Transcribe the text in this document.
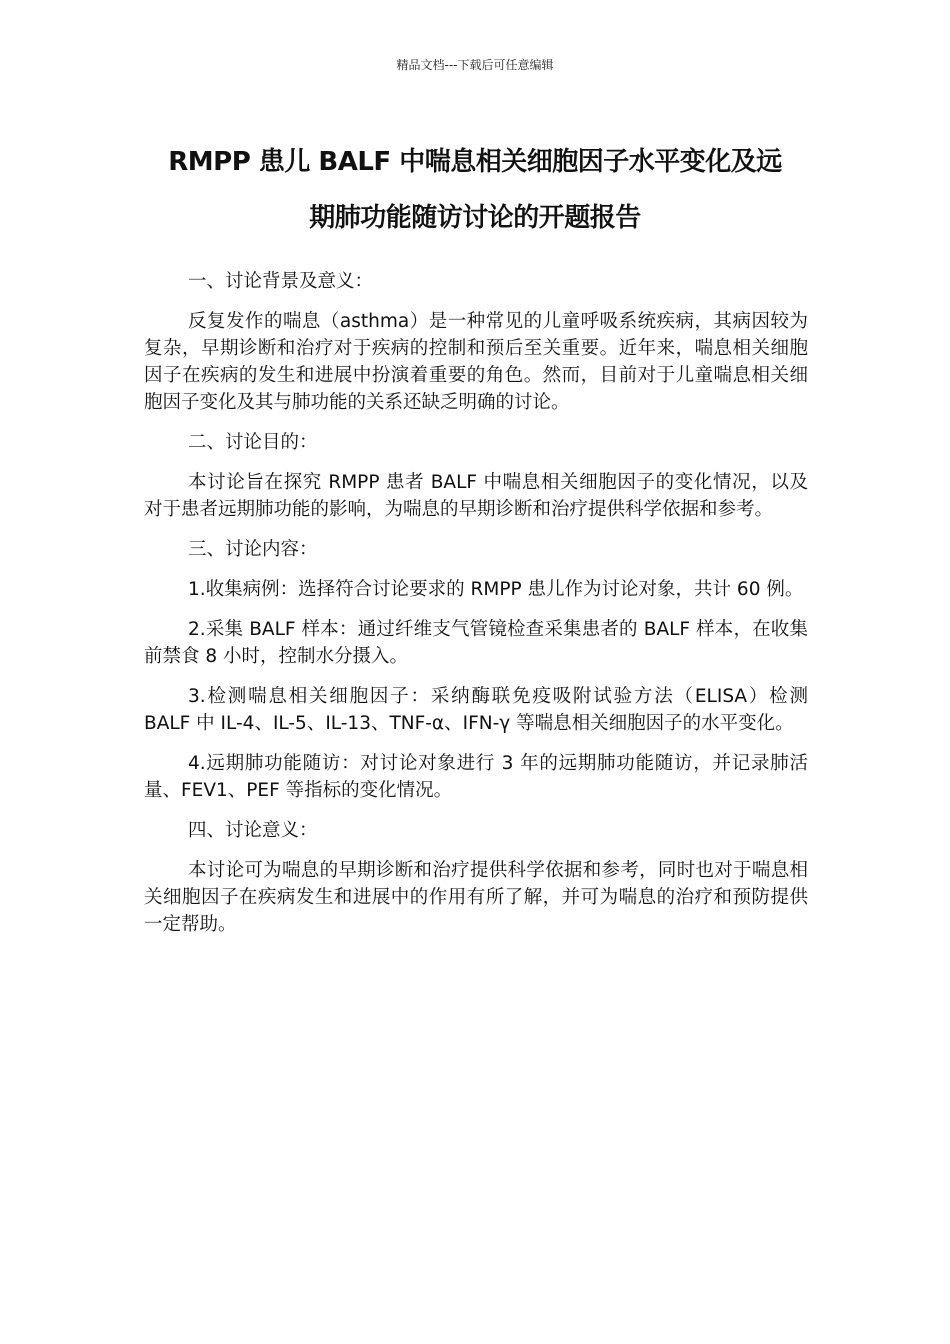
精品文档---下载后可任意编辑
RMPP 患儿 BALF 中喘息相关细胞因子水平变化及远
期肺功能随访讨论的开题报告

一、讨论背景及意义：

反复发作的喘息（asthma）是一种常见的儿童呼吸系统疾病，其病因较为复杂，早期诊断和治疗对于疾病的控制和预后至关重要。近年来，喘息相关细胞因子在疾病的发生和进展中扮演着重要的角色。然而，目前对于儿童喘息相关细胞因子变化及其与肺功能的关系还缺乏明确的讨论。

二、讨论目的：

本讨论旨在探究 RMPP 患者 BALF 中喘息相关细胞因子的变化情况，以及对于患者远期肺功能的影响，为喘息的早期诊断和治疗提供科学依据和参考。

三、讨论内容：

1.收集病例：选择符合讨论要求的 RMPP 患儿作为讨论对象，共计 60 例。

2.采集 BALF 样本：通过纤维支气管镜检查采集患者的 BALF 样本，在收集前禁食 8 小时，控制水分摄入。

3.检测喘息相关细胞因子：采纳酶联免疫吸附试验方法（ELISA）检测 BALF 中 IL-4、IL-5、IL-13、TNF-α、IFN-γ 等喘息相关细胞因子的水平变化。

4.远期肺功能随访：对讨论对象进行 3 年的远期肺功能随访，并记录肺活量、FEV1、PEF 等指标的变化情况。

四、讨论意义：

本讨论可为喘息的早期诊断和治疗提供科学依据和参考，同时也对于喘息相关细胞因子在疾病发生和进展中的作用有所了解，并可为喘息的治疗和预防提供一定帮助。
